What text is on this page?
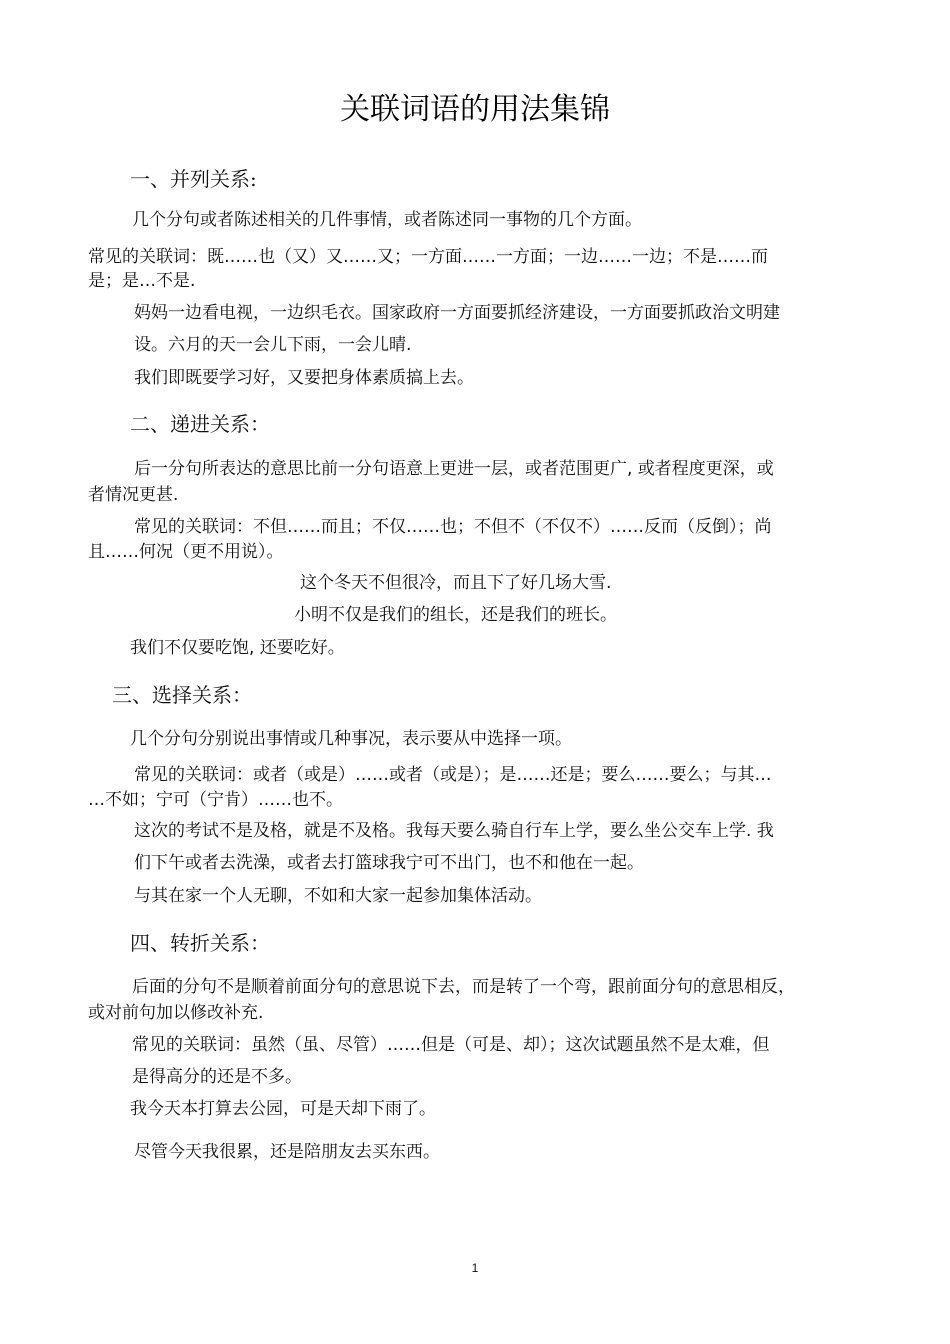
关联词语的用法集锦
一、并列关系:
几个分句或者陈述相关的几件事情，或者陈述同一事物的几个方面。
常见的关联词：既……也（又）又……又；一方面……一方面；一边……一边；不是……而
是；是…不是.
妈妈一边看电视，一边织毛衣。国家政府一方面要抓经济建设，一方面要抓政治文明建
设。六月的天一会儿下雨，一会儿晴.
我们即既要学习好，又要把身体素质搞上去。
二、递进关系：
后一分句所表达的意思比前一分句语意上更进一层，或者范围更广, 或者程度更深，或
者情况更甚.
常见的关联词：不但……而且；不仅……也；不但不（不仅不）……反而（反倒）；尚
且……何况（更不用说）。
这个冬天不但很冷，而且下了好几场大雪.
小明不仅是我们的组长，还是我们的班长。
我们不仅要吃饱, 还要吃好。
三、选择关系：
几个分句分别说出事情或几种事况，表示要从中选择一项。
常见的关联词：或者（或是）……或者（或是）；是……还是；要么……要么；与其…
…不如；宁可（宁肯）……也不。
这次的考试不是及格，就是不及格。我每天要么骑自行车上学，要么坐公交车上学. 我
们下午或者去洗澡，或者去打篮球我宁可不出门，也不和他在一起。
与其在家一个人无聊，不如和大家一起参加集体活动。
四、转折关系：
后面的分句不是顺着前面分句的意思说下去，而是转了一个弯，跟前面分句的意思相反，
或对前句加以修改补充.
常见的关联词：虽然（虽、尽管）……但是（可是、却）；这次试题虽然不是太难，但
是得高分的还是不多。
我今天本打算去公园，可是天却下雨了。
尽管今天我很累，还是陪朋友去买东西。
1
